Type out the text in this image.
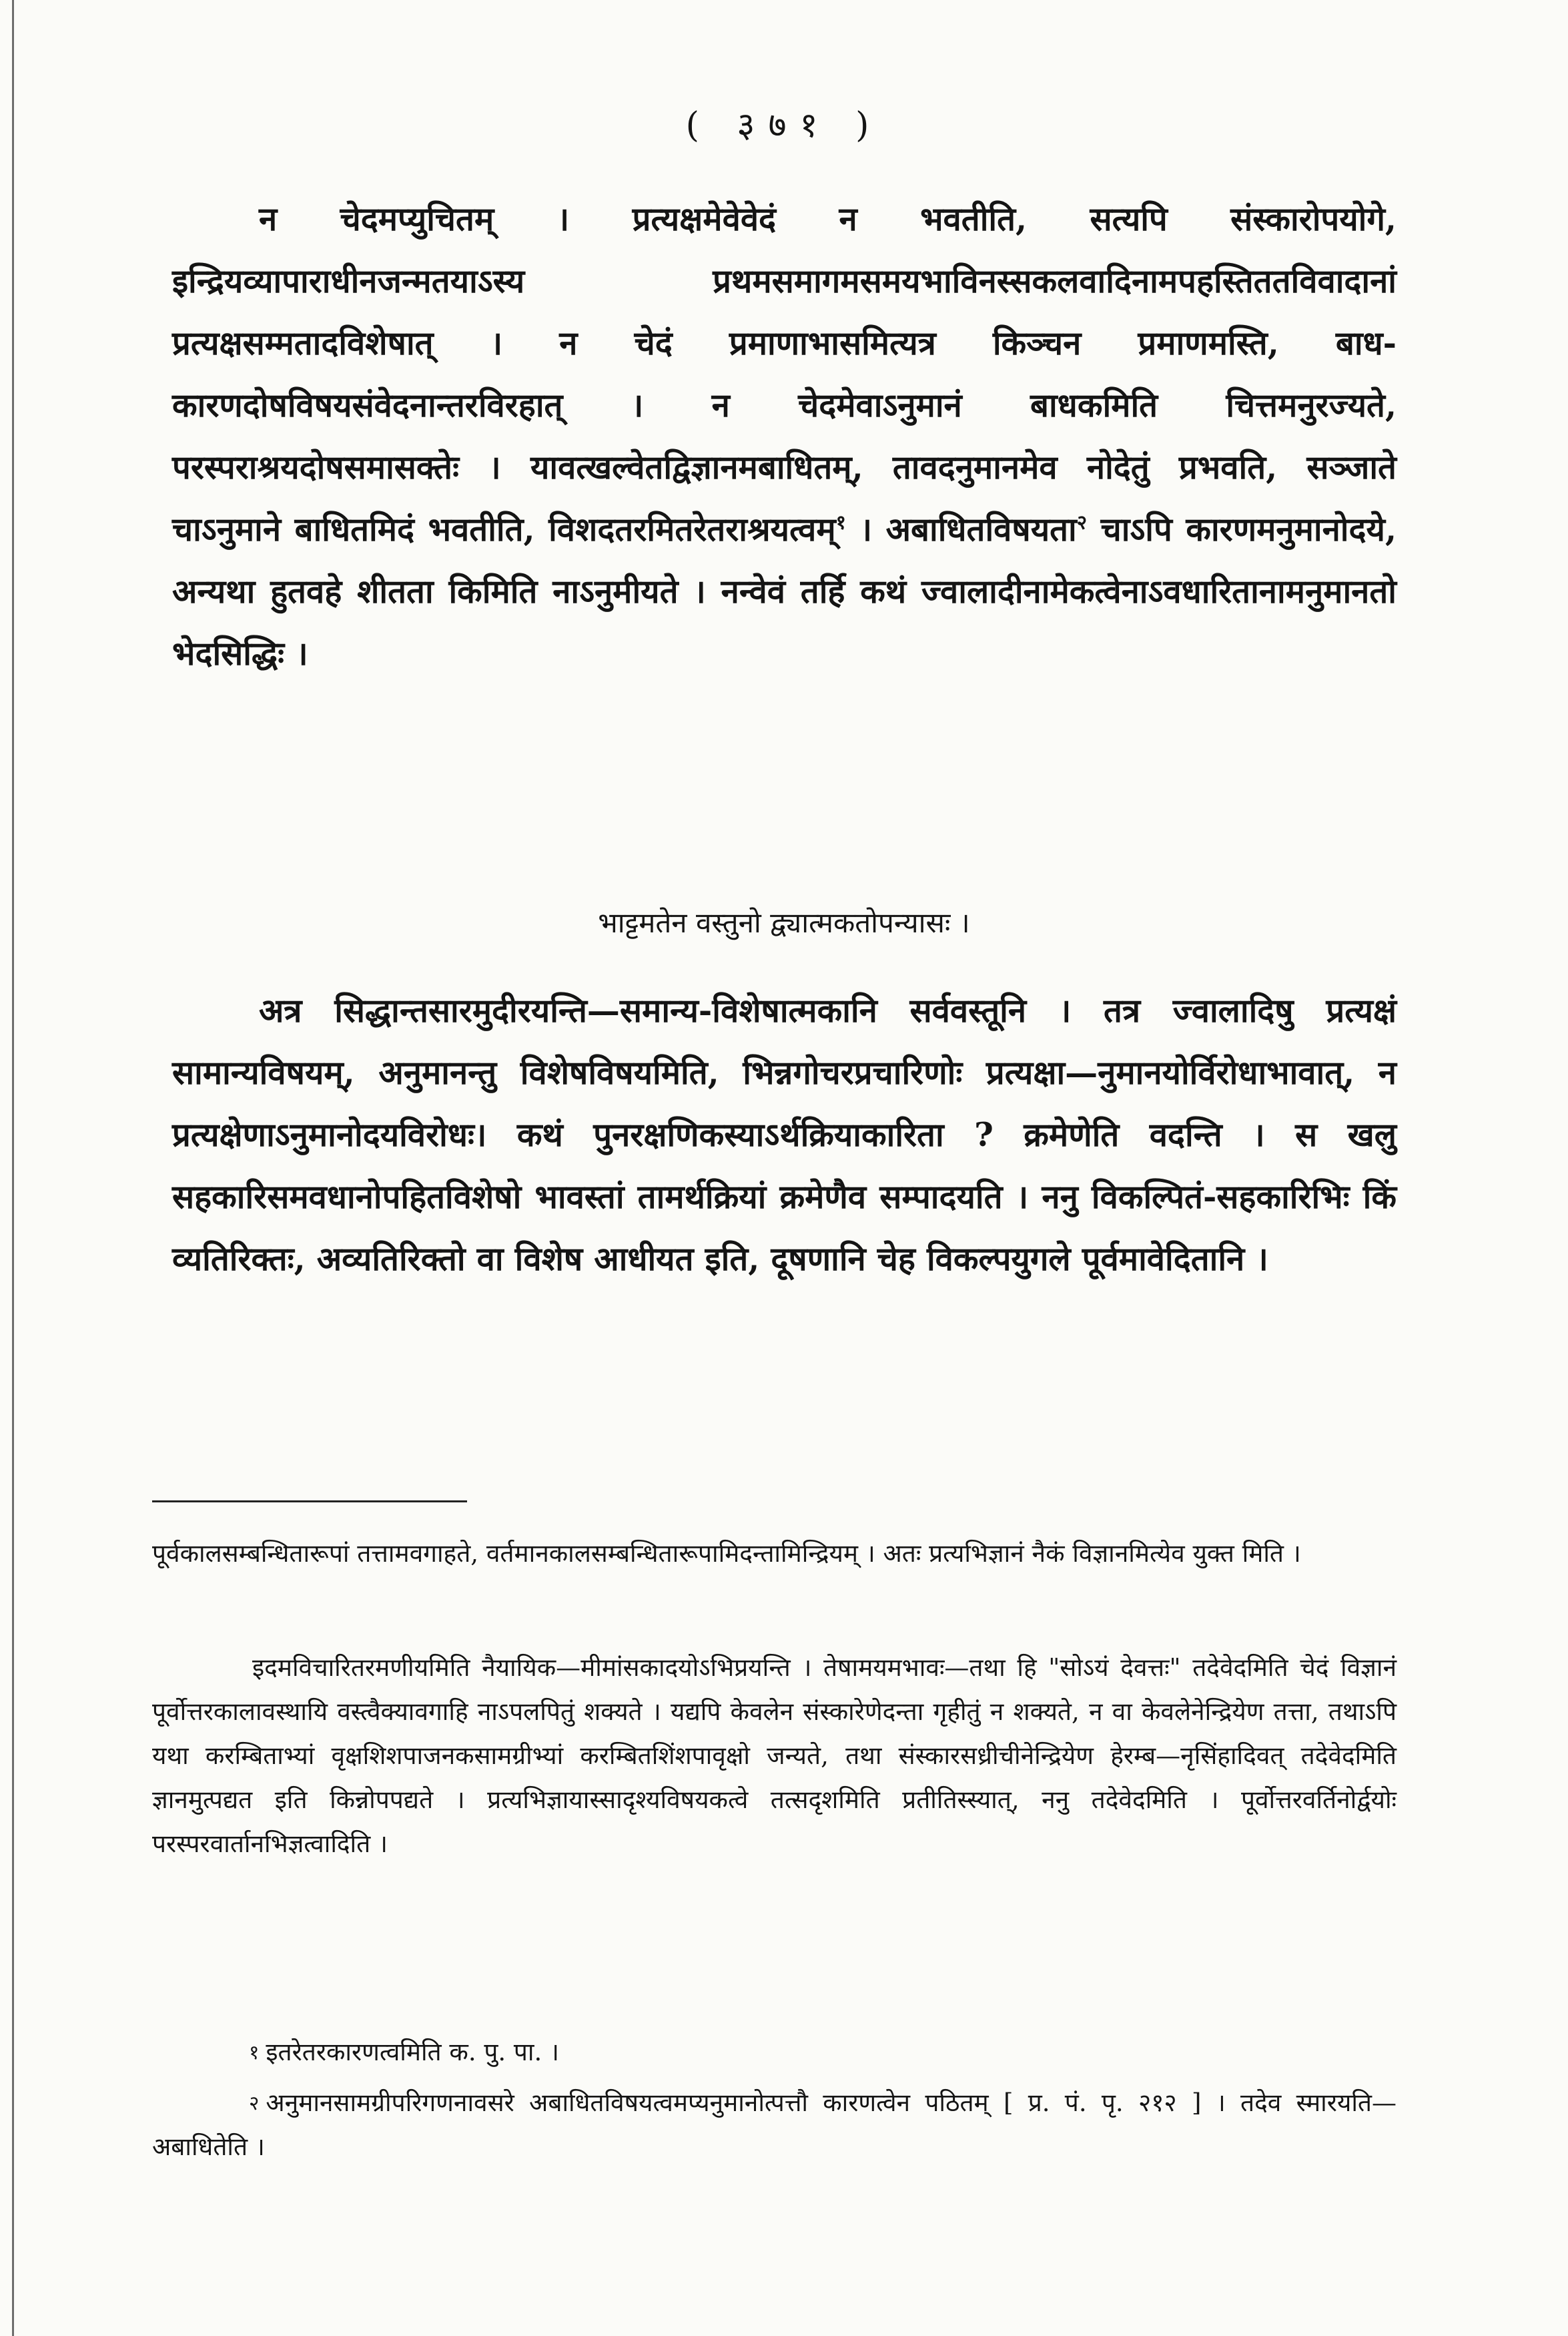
( ३७१ )
न चेदमप्युचितम् । प्रत्यक्षमेवेवेदं न भवतीति, सत्यपि संस्कारोपयोगे, इन्द्रियव्यापाराधीनजन्मतयाऽस्य प्रथमसमागमसमयभाविनस्सकलवादिनामपहस्तिततविवादानां प्रत्यक्षसम्मतादविशेषात् । न चेदं प्रमाणाभासमित्यत्र किञ्चन प्रमाणमस्ति, बाध-कारणदोषविषयसंवेदनान्तरविरहात् । न चेदमेवाऽनुमानं बाधकमिति चित्तमनुरज्यते, परस्पराश्रयदोषसमासक्तेः । यावत्खल्वेतद्विज्ञानमबाधितम्, तावदनुमानमेव नोदेतुं प्रभवति, सञ्जाते चाऽनुमाने बाधितमिदं भवतीति, विशदतरमितरेतराश्रयत्वम्$^१$ । अबाधितविषयता$^२$ चाऽपि कारणमनुमानोदये, अन्यथा हुतवहे शीतता किमिति नाऽनुमीयते । नन्वेवं तर्हि कथं ज्वालादीनामेकत्वेनाऽवधारितानामनुमानतो भेदसिद्धिः ।
भाट्टमतेन वस्तुनो द्व्यात्मकतोपन्यासः ।
अत्र सिद्धान्तसारमुदीरयन्ति—समान्य-विशेषात्मकानि सर्ववस्तूनि । तत्र ज्वालादिषु प्रत्यक्षं सामान्यविषयम्, अनुमानन्तु विशेषविषयमिति, भिन्नगोचरप्रचारिणोः प्रत्यक्षा—नुमानयोर्विरोधाभावात्, न प्रत्यक्षेणाऽनुमानोदयविरोधः। कथं पुनरक्षणिकस्याऽर्थक्रियाकारिता ? क्रमेणेति वदन्ति । स खलु सहकारिसमवधानोपहितविशेषो भावस्तां तामर्थक्रियां क्रमेणैव सम्पादयति । ननु विकल्पितं-सहकारिभिः किं व्यतिरिक्तः, अव्यतिरिक्तो वा विशेष आधीयत इति, दूषणानि चेह विकल्पयुगले पूर्वमावेदितानि ।
पूर्वकालसम्बन्धितारूपां तत्तामवगाहते, वर्तमानकालसम्बन्धितारूपामिदन्तामिन्द्रियम् । अतः प्रत्यभिज्ञानं नैकं विज्ञानमित्येव युक्त मिति ।
इदमविचारितरमणीयमिति नैयायिक—मीमांसकादयोऽभिप्रयन्ति । तेषामयमभावः—तथा हि "सोऽयं देवत्तः" तदेवेदमिति चेदं विज्ञानं पूर्वोत्तरकालावस्थायि वस्त्वैक्यावगाहि नाऽपलपितुं शक्यते । यद्यपि केवलेन संस्कारेणेदन्ता गृहीतुं न शक्यते, न वा केवलेनेन्द्रियेण तत्ता, तथाऽपि यथा करम्बिताभ्यां वृक्षशिशपाजनकसामग्रीभ्यां करम्बितशिंशपावृक्षो जन्यते, तथा संस्कारसध्रीचीनेन्द्रियेण हेरम्ब—नृसिंहादिवत् तदेवेदमिति ज्ञानमुत्पद्यत इति किन्नोपपद्यते । प्रत्यभिज्ञायास्सादृश्यविषयकत्वे तत्सदृशमिति प्रतीतिस्स्यात्, ननु तदेवेदमिति । पूर्वोत्तरवर्तिनोर्द्वयोः परस्परवार्तानभिज्ञत्वादिति ।
$^१$ इतरेतरकारणत्वमिति क. पु. पा. ।
$^२$ अनुमानसामग्रीपरिगणनावसरे अबाधितविषयत्वमप्यनुमानोत्पत्तौ कारणत्वेन पठितम् [ प्र. पं. पृ. २१२ ] । तदेव स्मारयति—अबाधितेति ।
